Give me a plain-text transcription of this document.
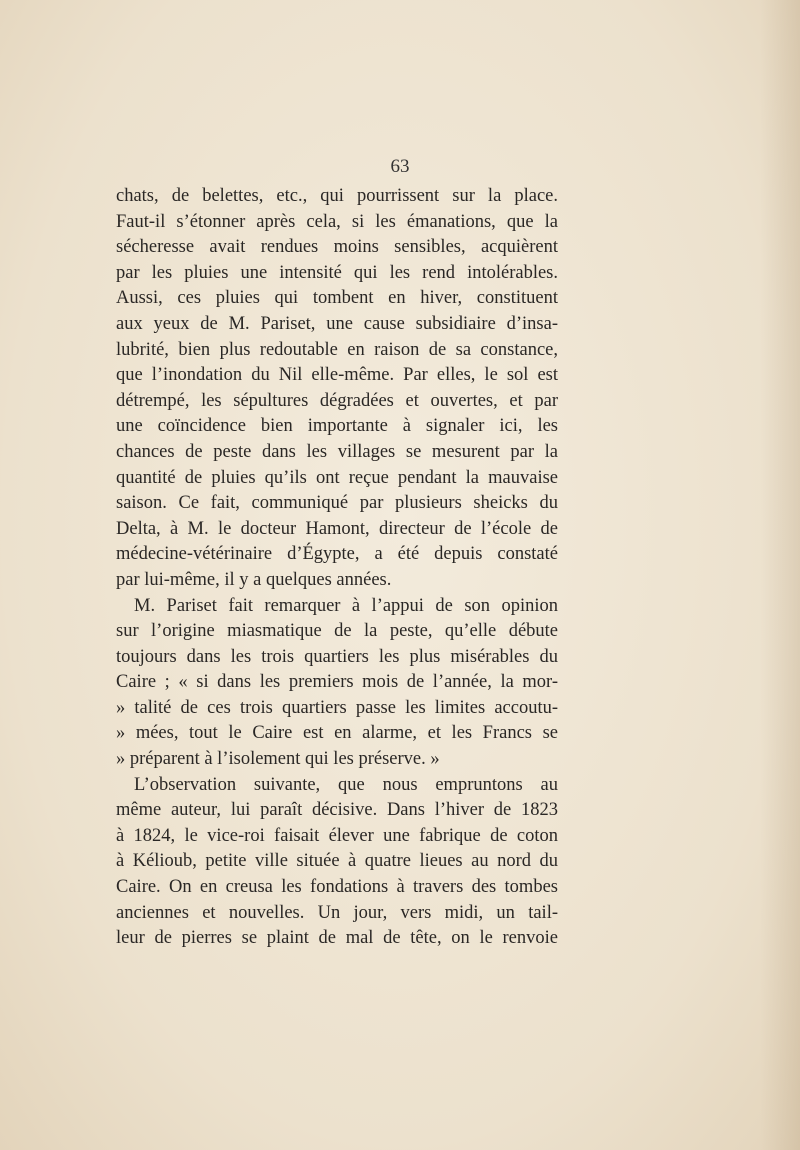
63
chats, de belettes, etc., qui pourrissent sur la place.
Faut-il s’étonner après cela, si les émanations, que la
sécheresse avait rendues moins sensibles, acquièrent
par les pluies une intensité qui les rend intolérables.
Aussi, ces pluies qui tombent en hiver, constituent
aux yeux de M. Pariset, une cause subsidiaire d’insa-
lubrité, bien plus redoutable en raison de sa constance,
que l’inondation du Nil elle-même. Par elles, le sol est
détrempé, les sépultures dégradées et ouvertes, et par
une coïncidence bien importante à signaler ici, les
chances de peste dans les villages se mesurent par la
quantité de pluies qu’ils ont reçue pendant la mauvaise
saison. Ce fait, communiqué par plusieurs sheicks du
Delta, à M. le docteur Hamont, directeur de l’école de
médecine-vétérinaire d’Égypte, a été depuis constaté
par lui-même, il y a quelques années.
M. Pariset fait remarquer à l’appui de son opinion
sur l’origine miasmatique de la peste, qu’elle débute
toujours dans les trois quartiers les plus misérables du
Caire ; « si dans les premiers mois de l’année, la mor-
» talité de ces trois quartiers passe les limites accoutu-
» mées, tout le Caire est en alarme, et les Francs se
» préparent à l’isolement qui les préserve. »
L’observation suivante, que nous empruntons au
même auteur, lui paraît décisive. Dans l’hiver de 1823
à 1824, le vice-roi faisait élever une fabrique de coton
à Kélioub, petite ville située à quatre lieues au nord du
Caire. On en creusa les fondations à travers des tombes
anciennes et nouvelles. Un jour, vers midi, un tail-
leur de pierres se plaint de mal de tête, on le renvoie
